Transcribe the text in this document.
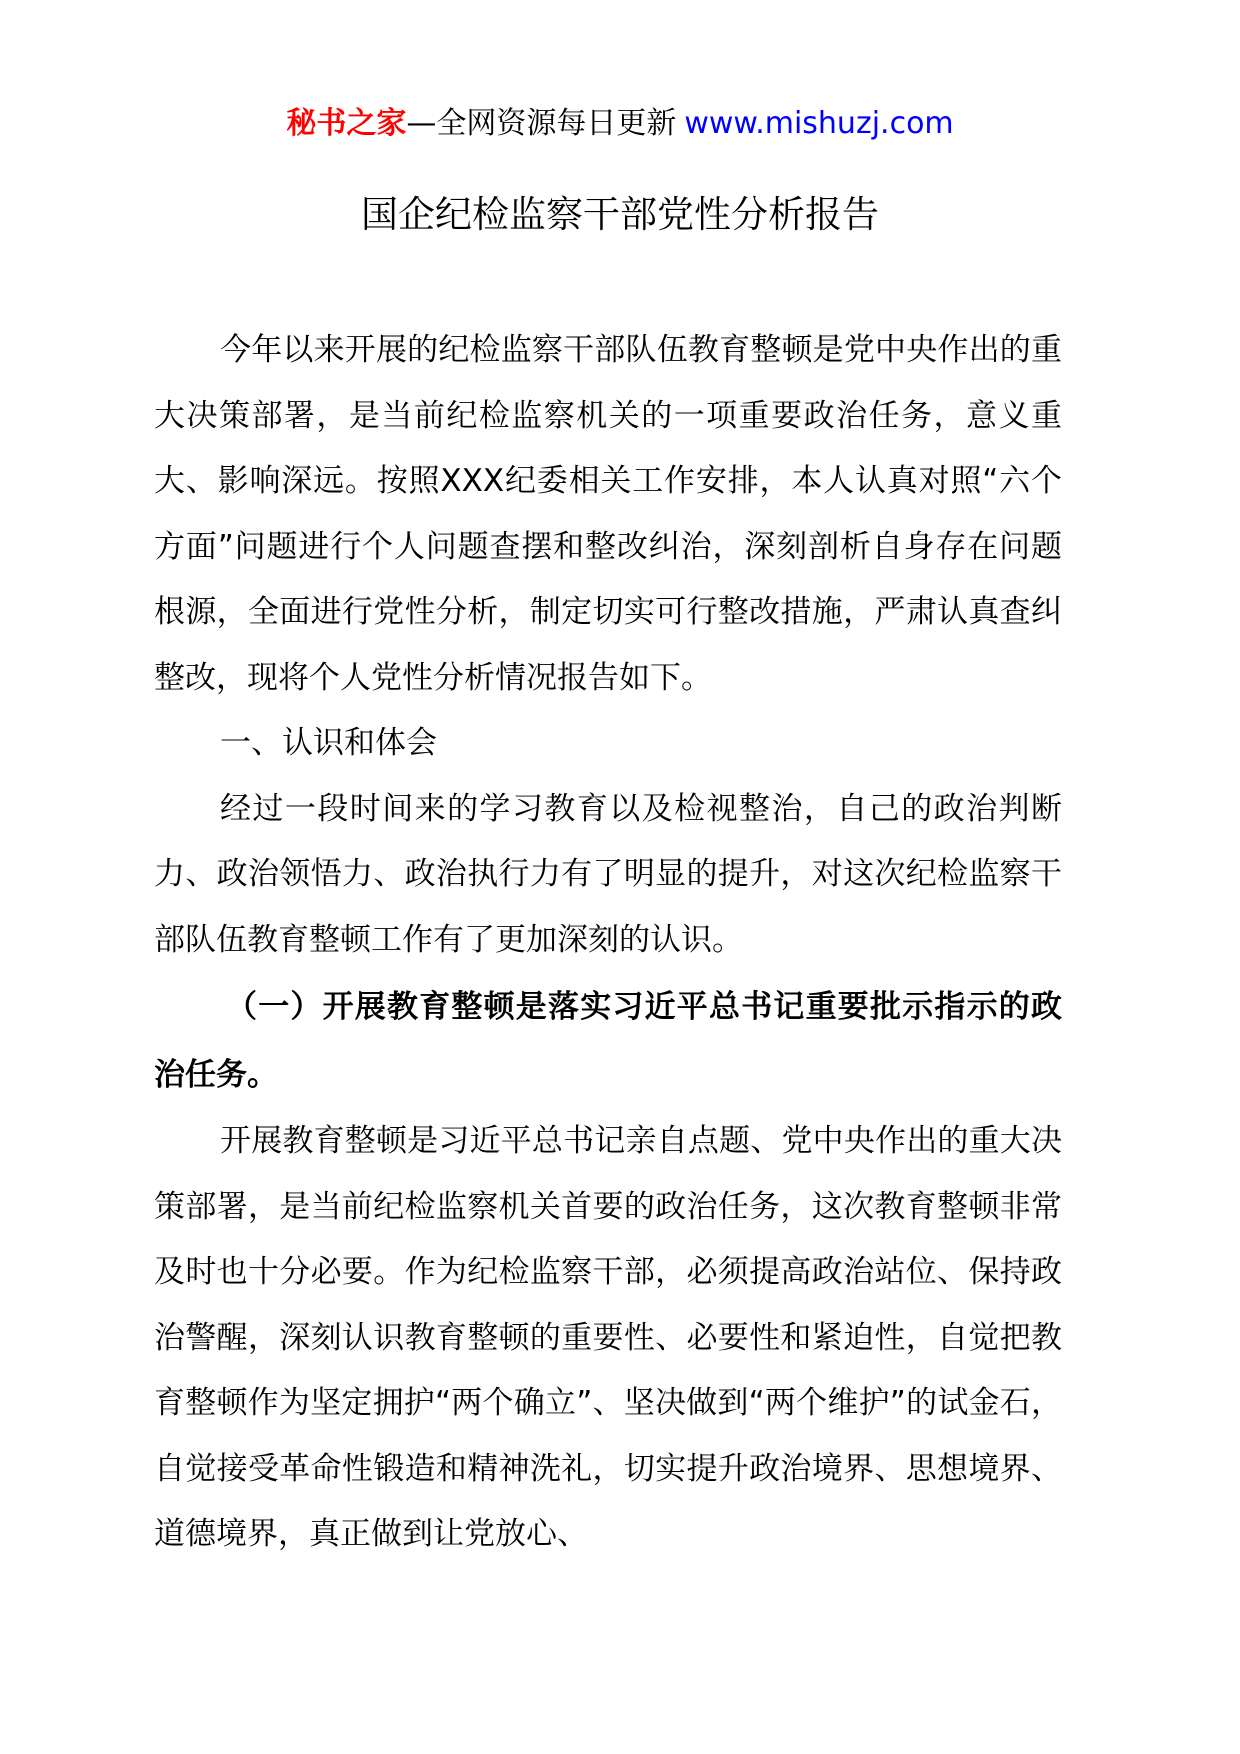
秘书之家—全网资源每日更新 www.mishuzj.com
国企纪检监察干部党性分析报告

今年以来开展的纪检监察干部队伍教育整顿是党中央作出的重大决策部署，是当前纪检监察机关的一项重要政治任务，意义重大、影响深远。按照XXX纪委相关工作安排，本人认真对照“六个方面”问题进行个人问题查摆和整改纠治，深刻剖析自身存在问题根源，全面进行党性分析，制定切实可行整改措施，严肃认真查纠整改，现将个人党性分析情况报告如下。

一、认识和体会

经过一段时间来的学习教育以及检视整治，自己的政治判断力、政治领悟力、政治执行力有了明显的提升，对这次纪检监察干部队伍教育整顿工作有了更加深刻的认识。

（一）开展教育整顿是落实习近平总书记重要批示指示的政治任务。

开展教育整顿是习近平总书记亲自点题、党中央作出的重大决策部署，是当前纪检监察机关首要的政治任务，这次教育整顿非常及时也十分必要。作为纪检监察干部，必须提高政治站位、保持政治警醒，深刻认识教育整顿的重要性、必要性和紧迫性，自觉把教育整顿作为坚定拥护“两个确立”、坚决做到“两个维护”的试金石，自觉接受革命性锻造和精神洗礼，切实提升政治境界、思想境界、道德境界，真正做到让党放心、
